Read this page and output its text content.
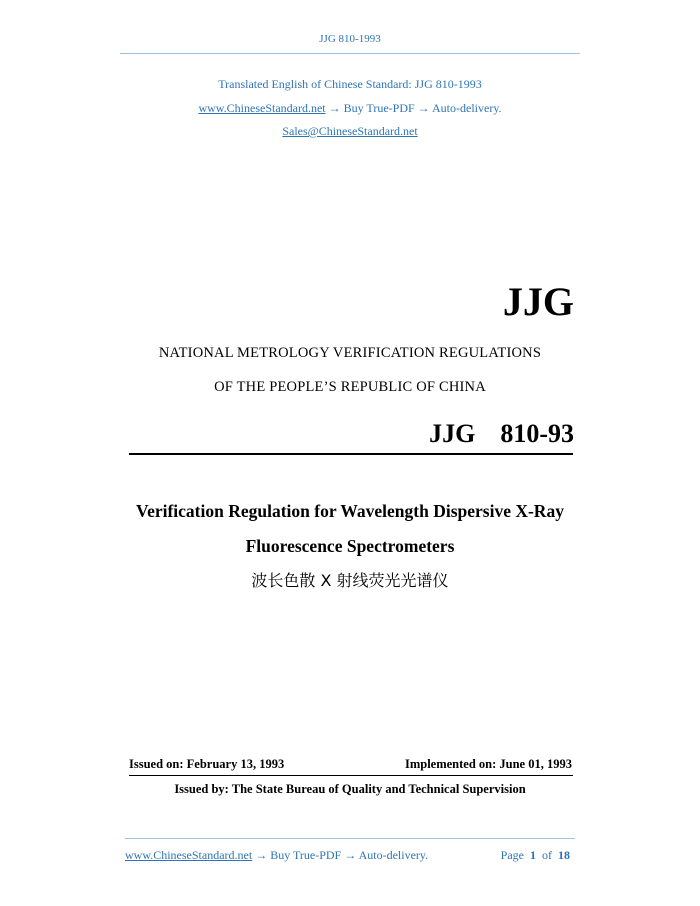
JJG 810-1993
Translated English of Chinese Standard: JJG 810-1993
www.ChineseStandard.net → Buy True-PDF → Auto-delivery.
Sales@ChineseStandard.net
JJG
NATIONAL METROLOGY VERIFICATION REGULATIONS
OF THE PEOPLE’S REPUBLIC OF CHINA
JJG  810-93
Verification Regulation for Wavelength Dispersive X-Ray
Fluorescence Spectrometers
波长色散 X 射线荧光光谱仪
Issued on: February 13, 1993	Implemented on: June 01, 1993
Issued by: The State Bureau of Quality and Technical Supervision
www.ChineseStandard.net → Buy True-PDF → Auto-delivery.	Page 1 of 18
